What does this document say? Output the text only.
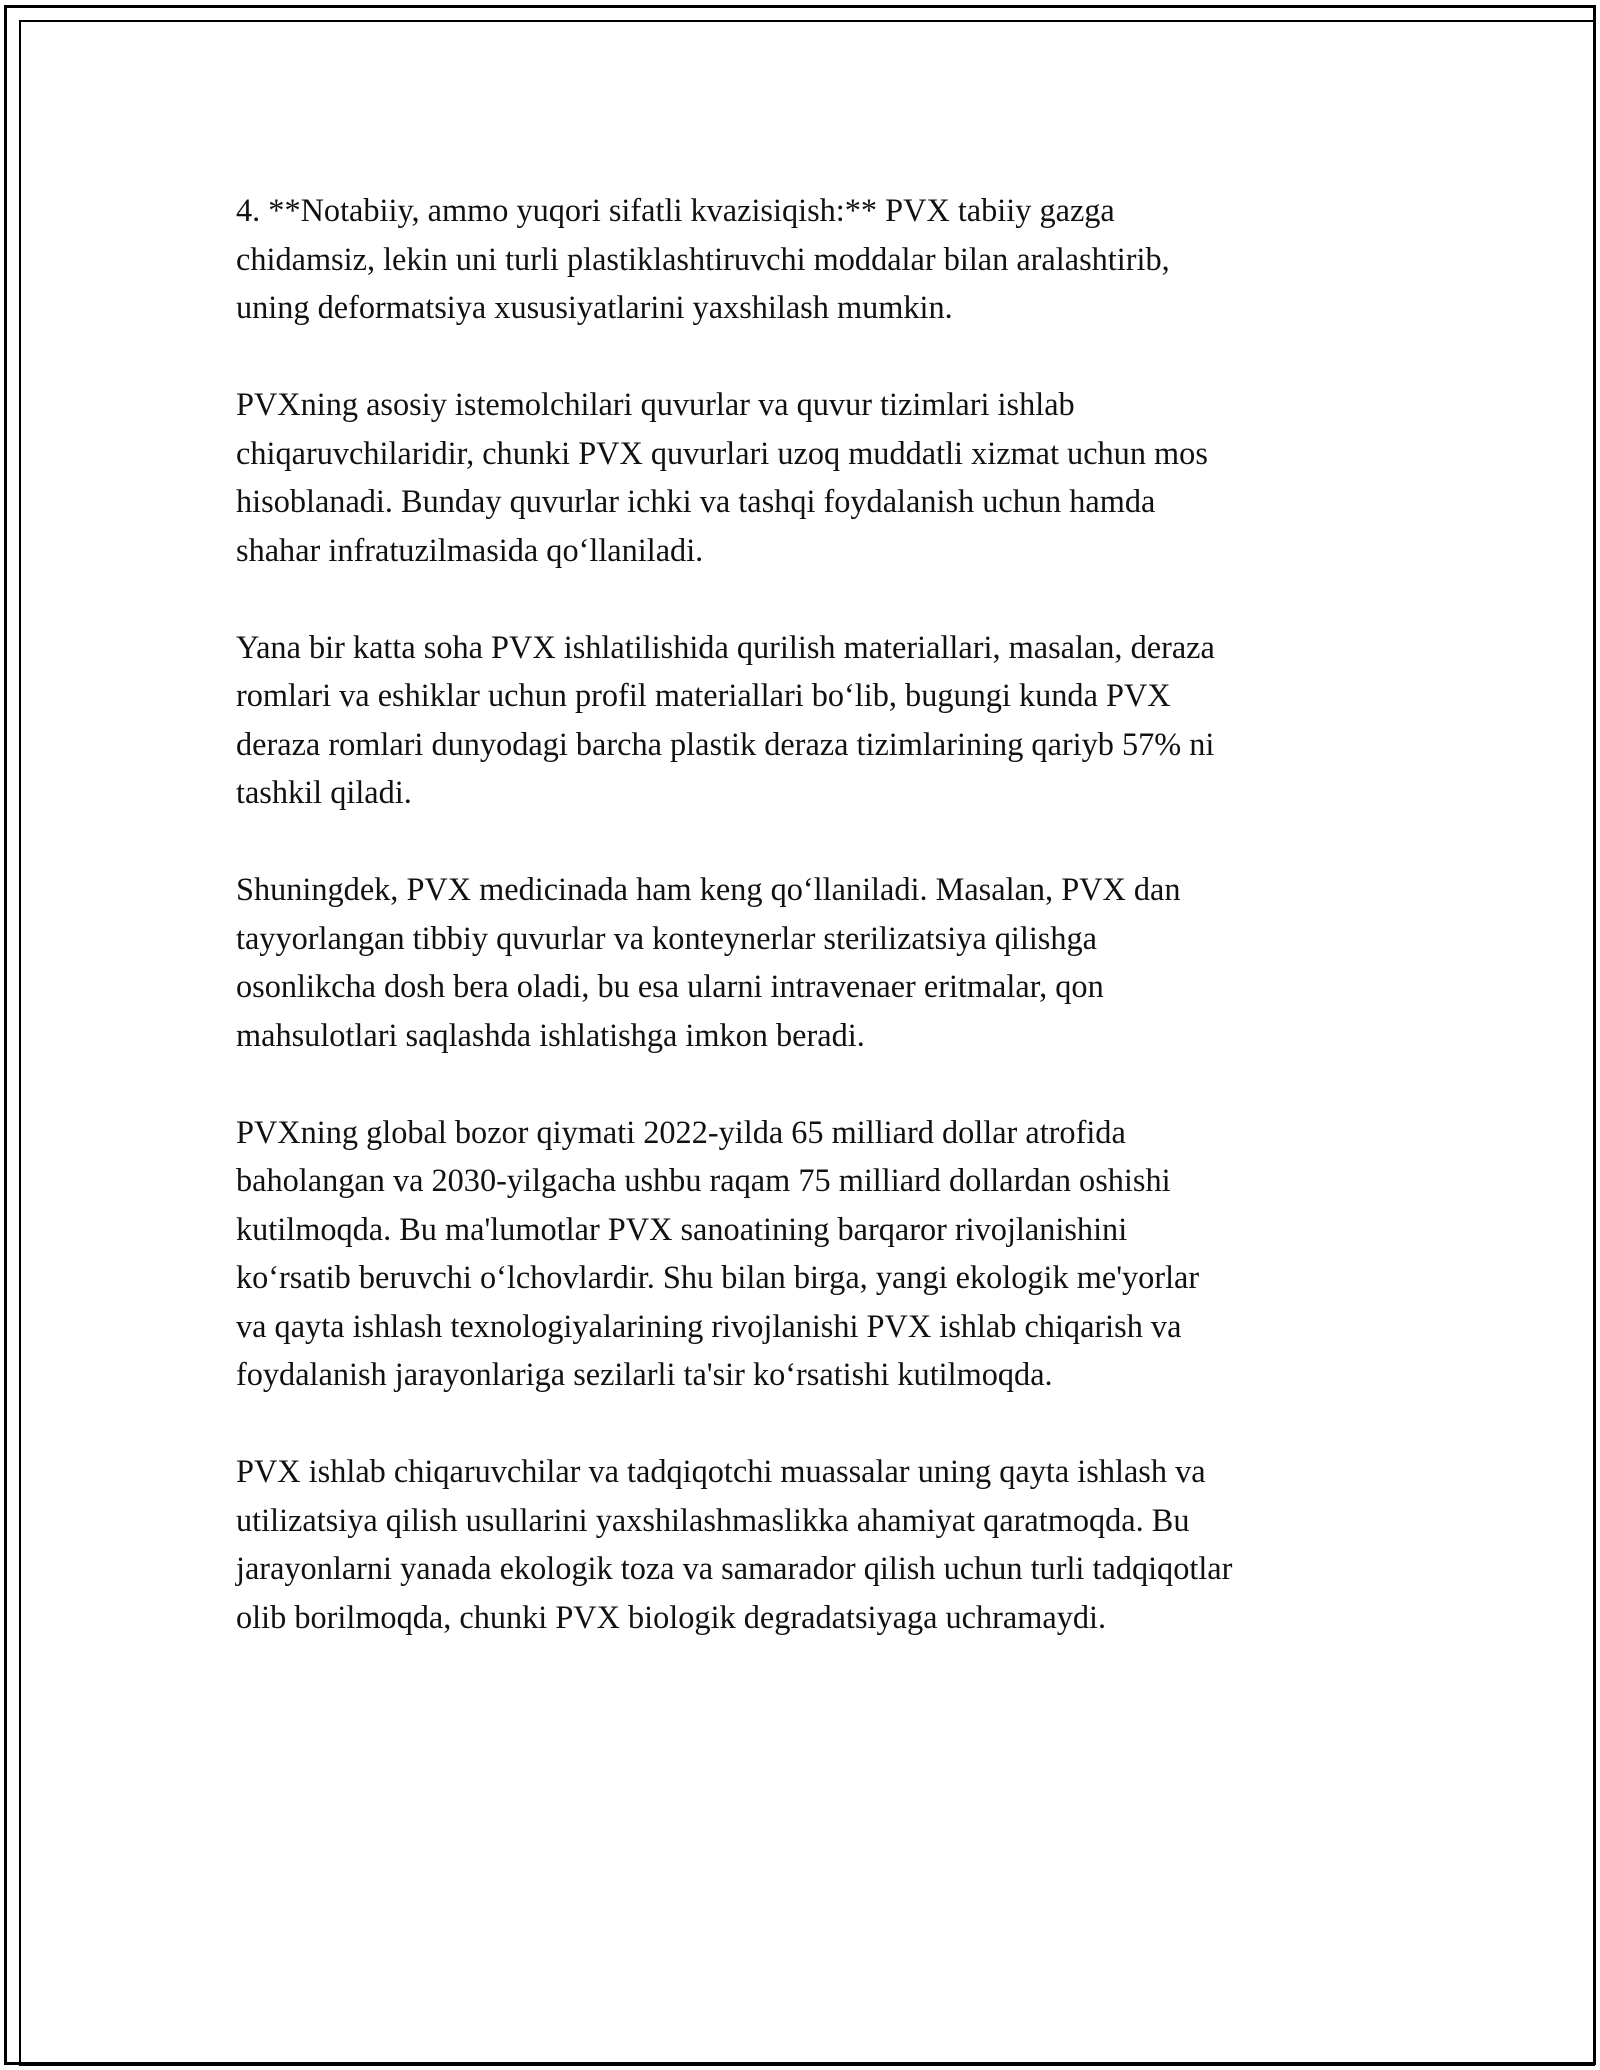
4. **Notabiiy, ammo yuqori sifatli kvazisiqish:** PVX tabiiy gazga
chidamsiz, lekin uni turli plastiklashtiruvchi moddalar bilan aralashtirib,
uning deformatsiya xususiyatlarini yaxshilash mumkin.

PVXning asosiy istemolchilari quvurlar va quvur tizimlari ishlab
chiqaruvchilaridir, chunki PVX quvurlari uzoq muddatli xizmat uchun mos
hisoblanadi. Bunday quvurlar ichki va tashqi foydalanish uchun hamda
shahar infratuzilmasida qo‘llaniladi.

Yana bir katta soha PVX ishlatilishida qurilish materiallari, masalan, deraza
romlari va eshiklar uchun profil materiallari bo‘lib, bugungi kunda PVX
deraza romlari dunyodagi barcha plastik deraza tizimlarining qariyb 57% ni
tashkil qiladi.

Shuningdek, PVX medicinada ham keng qo‘llaniladi. Masalan, PVX dan
tayyorlangan tibbiy quvurlar va konteynerlar sterilizatsiya qilishga
osonlikcha dosh bera oladi, bu esa ularni intravenaer eritmalar, qon
mahsulotlari saqlashda ishlatishga imkon beradi.

PVXning global bozor qiymati 2022-yilda 65 milliard dollar atrofida
baholangan va 2030-yilgacha ushbu raqam 75 milliard dollardan oshishi
kutilmoqda. Bu ma'lumotlar PVX sanoatining barqaror rivojlanishini
ko‘rsatib beruvchi o‘lchovlardir. Shu bilan birga, yangi ekologik me'yorlar
va qayta ishlash texnologiyalarining rivojlanishi PVX ishlab chiqarish va
foydalanish jarayonlariga sezilarli ta'sir ko‘rsatishi kutilmoqda.

PVX ishlab chiqaruvchilar va tadqiqotchi muassalar uning qayta ishlash va
utilizatsiya qilish usullarini yaxshilashmaslikka ahamiyat qaratmoqda. Bu
jarayonlarni yanada ekologik toza va samarador qilish uchun turli tadqiqotlar
olib borilmoqda, chunki PVX biologik degradatsiyaga uchramaydi.
